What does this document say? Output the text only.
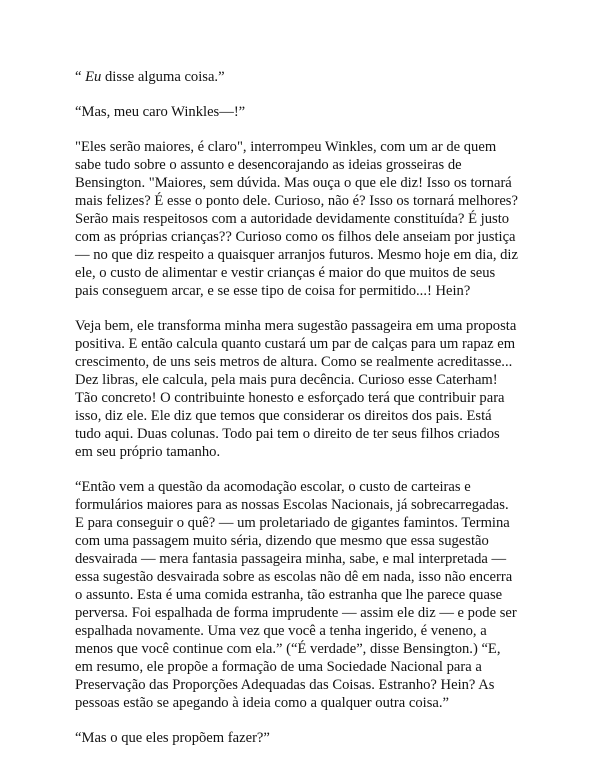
“ Eu disse alguma coisa.”
“Mas, meu caro Winkles—!”
"Eles serão maiores, é claro", interrompeu Winkles, com um ar de quem
sabe tudo sobre o assunto e desencorajando as ideias grosseiras de
Bensington. "Maiores, sem dúvida. Mas ouça o que ele diz! Isso os tornará
mais felizes? É esse o ponto dele. Curioso, não é? Isso os tornará melhores?
Serão mais respeitosos com a autoridade devidamente constituída? É justo
com as próprias crianças?? Curioso como os filhos dele anseiam por justiça
— no que diz respeito a quaisquer arranjos futuros. Mesmo hoje em dia, diz
ele, o custo de alimentar e vestir crianças é maior do que muitos de seus
pais conseguem arcar, e se esse tipo de coisa for permitido...! Hein?
Veja bem, ele transforma minha mera sugestão passageira em uma proposta
positiva. E então calcula quanto custará um par de calças para um rapaz em
crescimento, de uns seis metros de altura. Como se realmente acreditasse...
Dez libras, ele calcula, pela mais pura decência. Curioso esse Caterham!
Tão concreto! O contribuinte honesto e esforçado terá que contribuir para
isso, diz ele. Ele diz que temos que considerar os direitos dos pais. Está
tudo aqui. Duas colunas. Todo pai tem o direito de ter seus filhos criados
em seu próprio tamanho.
“Então vem a questão da acomodação escolar, o custo de carteiras e
formulários maiores para as nossas Escolas Nacionais, já sobrecarregadas.
E para conseguir o quê? — um proletariado de gigantes famintos. Termina
com uma passagem muito séria, dizendo que mesmo que essa sugestão
desvairada — mera fantasia passageira minha, sabe, e mal interpretada —
essa sugestão desvairada sobre as escolas não dê em nada, isso não encerra
o assunto. Esta é uma comida estranha, tão estranha que lhe parece quase
perversa. Foi espalhada de forma imprudente — assim ele diz — e pode ser
espalhada novamente. Uma vez que você a tenha ingerido, é veneno, a
menos que você continue com ela.” (“É verdade”, disse Bensington.) “E,
em resumo, ele propõe a formação de uma Sociedade Nacional para a
Preservação das Proporções Adequadas das Coisas. Estranho? Hein? As
pessoas estão se apegando à ideia como a qualquer outra coisa.”
“Mas o que eles propõem fazer?”
